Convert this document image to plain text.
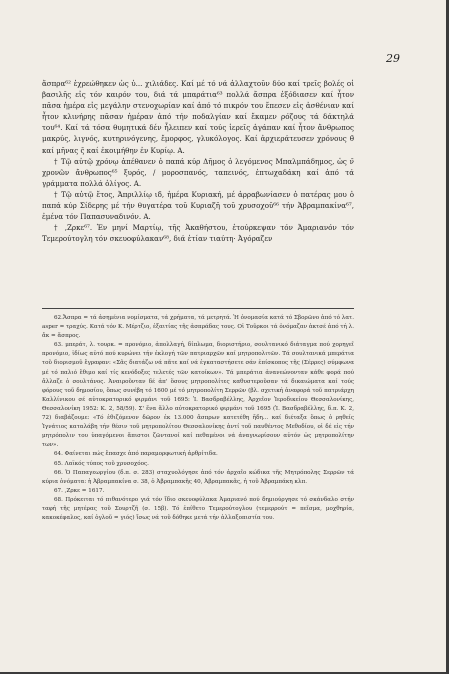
29

ἄσπρα⁶² ἐχρεώθηκεν ὡς ὑ... χιλιάδες. Καί μέ τό νά ἀλλαχτοῦν δύο καί τρεῖς βολές οἱ βασιλῆς εἰς τόν καιρόν του, διά τά μπαράτια⁶³ πολλά ἄσπρα ἐξόδιασεν καί ἦτον πᾶσα ἡμέρα εἰς μεγάλην στενοχωρίαν καί ἀπό τό πικρόν του ἔπεσεν εἰς ἀσθένιαν καί ἦτον κλινήρης πᾶσαν ἡμέραν ἀπό τήν ποδαλγίαν καί ἔκαμεν ρόζους τά δάκτηλά του⁶⁴. Καί τά τόσα θυμητικά δέν ἦλειπεν καί τούς ἱερεῖς ἀγάπαν καί ἦτον ἄνθρωπος μακρύς, λιγνός, κυτηρινόγενης, ἔμορφος, γλυκόλογος. Καί ἀρχιεράτευσεν χρόνους θ̄ καί μῆνας ς̄ καί ἐκοιμήθην ἐν Κυρίῳ. Α.

† Τῷ αὐτῷ χρόνῳ ἀπέθανεν ὁ παπά κύρ Δῆμος ὁ λεγόμενος Μπαλμπάδημος, ὡς ν̄ χρονῶν ἄνθρωπος⁶⁵ ξυρός, / μοροσπανός, ταπεινός, ἐπτωχαδάκη καί ἀπό τά γράμματα πολλά ὀλίγος. Α.

† Τῷ αὐτῷ ἔτος, Ἀπριλλίῳ ιδ̄, ἡμέρα Κυριακή, μέ ἀρραβωνίασεν ὁ πατέρας μου ὁ παπά κύρ Σίδερης μέ τήν θυγατέρα τοῦ Κυριαζῆ τοῦ χρυσοχοῦ⁶⁶ τήν Ἀβραμπακίνα⁶⁷, ἐμένα τόν Παπασυναδινόν. Α.

† ,Ζρκε⁶⁷. Ἐν μηνί Μαρτίῳ, τῆς Ἀκαθήστου, ἐτούρκεψαν τόν Ἀμαριανόν τόν Τεμερούτογλη τόν σκευοφύλακαν⁶⁸, διά ἐτίαν τιαύτη· Ἀγόραζεν

62.Ἄσπρα = τά ἀσημένια νομίσματα, τά χρήματα, τά μετρητά. Ἡ ὀνομασία κατά τό Σβορῶνο ἀπό τό λατ. asper = τραχύς. Κατά τόν Κ. Μέρτζιο, ἐξαιτίας τῆς ἀσπράδας τους. Οἱ Τοῦρκοι τά ὀνόμαζαν ἀκτσέ ἀπό τή λ. ἄκ = ἄσπρος.

63. μπεράτ, λ. τουρκ. = προνόμιο, ἀπολλαγή, δίπλωμα, διοριστήριο, σουλτανικό διάταγμα πού χορηγεῖ προνόμιο, ἰδίως αὐτό πού κυρώνει τήν ἐκλογή τῶν πατριαρχῶν καί μητροπολιτῶν. Τά σουλτανικά μπεράτια τοῦ διορισμοῦ ἔγραφαν: «Σᾶς διατάζω νά πᾶτε καί νά ἐγκαταστήσετε σάν ἐπίσκοπος τῆς (Σέρρες) σύμφωνα μέ τό παλιό ἔθιμο καί τίς κενόδοξες τελετές τῶν κατοίκων». Τά μπεράτια ἀνανεώνονταν κάθε φορά πού ἄλλαζε ὁ σουλτάνος. Ἀναιροῦνταν δέ ἀπ' ὅσους μητροπολίτες καθυστεροῦσαν τά δικαιώματα καί τούς φόρους τοῦ δημοσίου, ὅπως συνέβη τό 1600 μέ τό μητροπολίτη Σερρῶν (βλ. σχετική ἀναφορά τοῦ πατριάρχη Καλλίνικου σέ αὐτοκρατορικό φιρμάνι τοῦ 1695: Ἰ. Βασδραβέλλης, Ἀρχεῖον Ἱεροδικείου Θεσσαλονίκης, Θεσσαλονίκη 1952: Κ. 2, 58/59). Σ' ἕνα ἄλλο αὐτοκρατορικό φιρμάνι τοῦ 1695 (Ἰ. Βασδραβέλλης, δ.π. Κ. 2, 72) διαβάζουμε: «Τό ἐθιζόμενον δῶρον ἐκ 13.000 ἄσπρων κατετέθη ἤδη... καί διέταξα ὅπως ὁ ρηθείς Ἰγνάτιος καταλάβη τήν θέσιν τοῦ μητροπολίτου Θεσσαλονίκης ἀντί τοῦ παυθέντος Μεθοδίου, οἱ δέ εἰς τήν μητρόπολιν του ὑπαγόμενοι ἄπιστοι ζῶντανοί καί πεθαμένοι νά ἀναγνωρίσουν αὐτόν ὡς μητροπολίτην των».

64. Φαίνεται πώς ἔπασχε ἀπό παραμορφωτική ἀρθρίτιδα.

65. Λαϊκός τύπος τοῦ χρυσοχόος.

66. Ὁ Παπαγεωργίου (δ.π. σ. 283) σταχυολόγησε ἀπό τόν ἀρχαῖο κώδικα τῆς Μητρόπολης Σερρῶν τά κύρια ὀνόματα: ἡ Ἀβραμπακίνα σ. 38, ὁ Ἀβραμπακῆς 40, Ἀβραμπακᾶς, ἡ τοῦ Ἀβραμπάκη κλπ.

67. ,Ζρκε = 1617.

68. Πρόκειται τό πιθανότερο γιά τόν ἴδιο σκευοφύλακα Ἀμαριανό πού δημιούργησε τό σκάνδαλο στήν ταφή τῆς μητέρας τοῦ Σουρτζῆ (σ. 15β). Τό ἐπίθετο Τεμερούτογλου (τεμερρούτ = πεῖσμα, μοχθηρία, κακοκέφαλος, καί ὀγλοῦ = γιός) ἴσως νά τοῦ δόθηκε μετά τήν ἀλλαξοπιστία του.
